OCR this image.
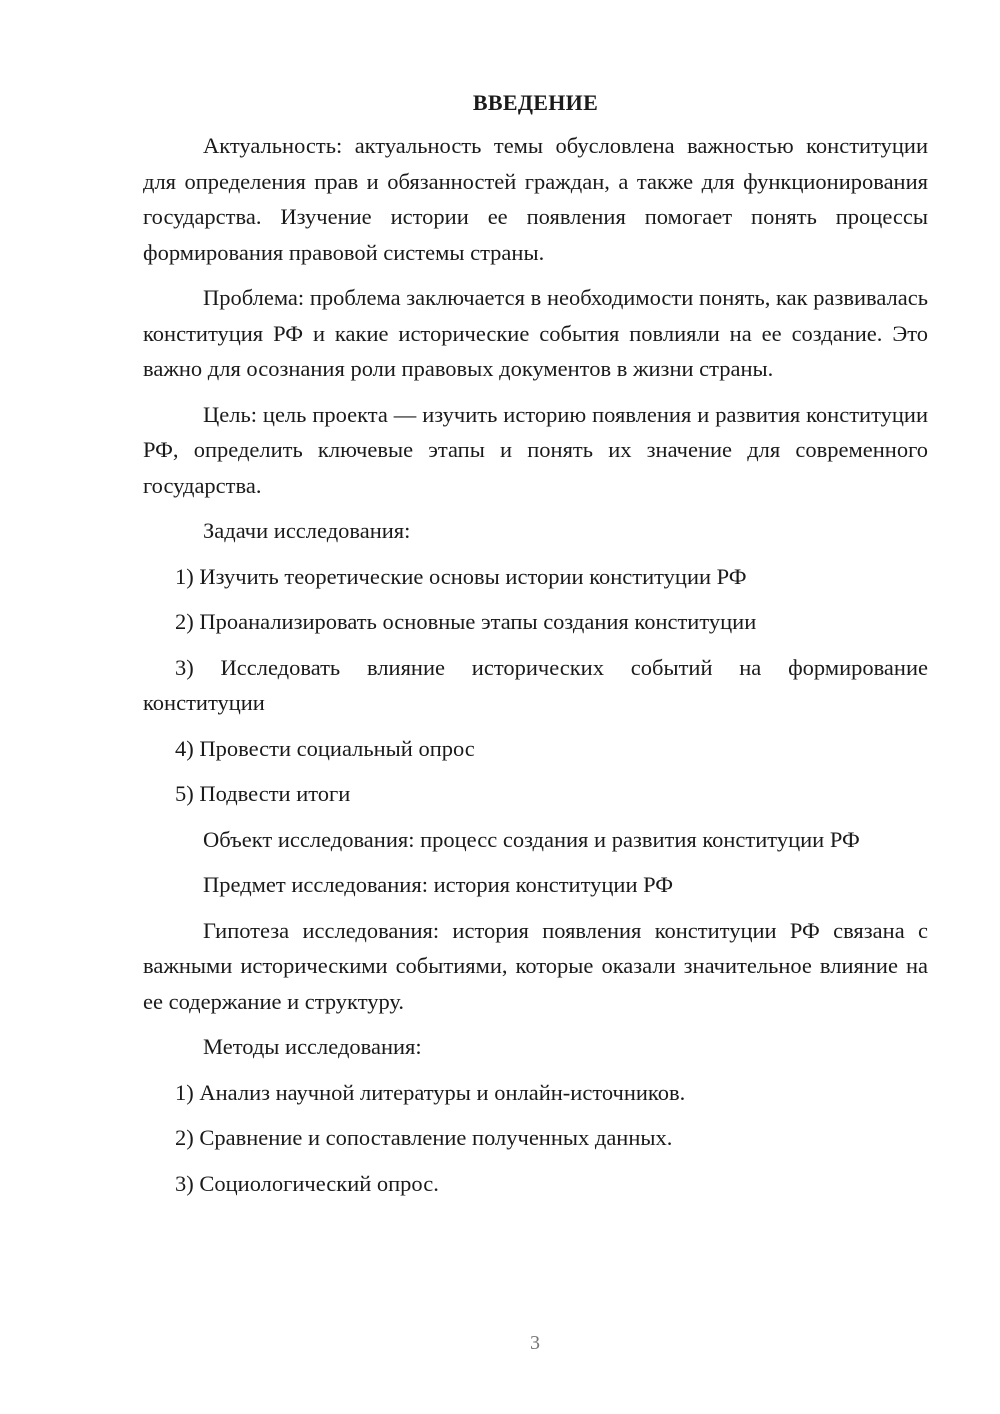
ВВЕДЕНИЕ

Актуальность: актуальность темы обусловлена важностью конституции для определения прав и обязанностей граждан, а также для функционирования государства. Изучение истории ее появления помогает понять процессы формирования правовой системы страны.

Проблема: проблема заключается в необходимости понять, как развивалась конституция РФ и какие исторические события повлияли на ее создание. Это важно для осознания роли правовых документов в жизни страны.

Цель: цель проекта — изучить историю появления и развития конституции РФ, определить ключевые этапы и понять их значение для современного государства.

Задачи исследования:

1) Изучить теоретические основы истории конституции РФ

2) Проанализировать основные этапы создания конституции

3) Исследовать влияние исторических событий на формирование конституции

4) Провести социальный опрос

5) Подвести итоги

Объект исследования: процесс создания и развития конституции РФ

Предмет исследования: история конституции РФ

Гипотеза исследования: история появления конституции РФ связана с важными историческими событиями, которые оказали значительное влияние на ее содержание и структуру.

Методы исследования:

1) Анализ научной литературы и онлайн-источников.

2) Сравнение и сопоставление полученных данных.

3) Социологический опрос.

3
